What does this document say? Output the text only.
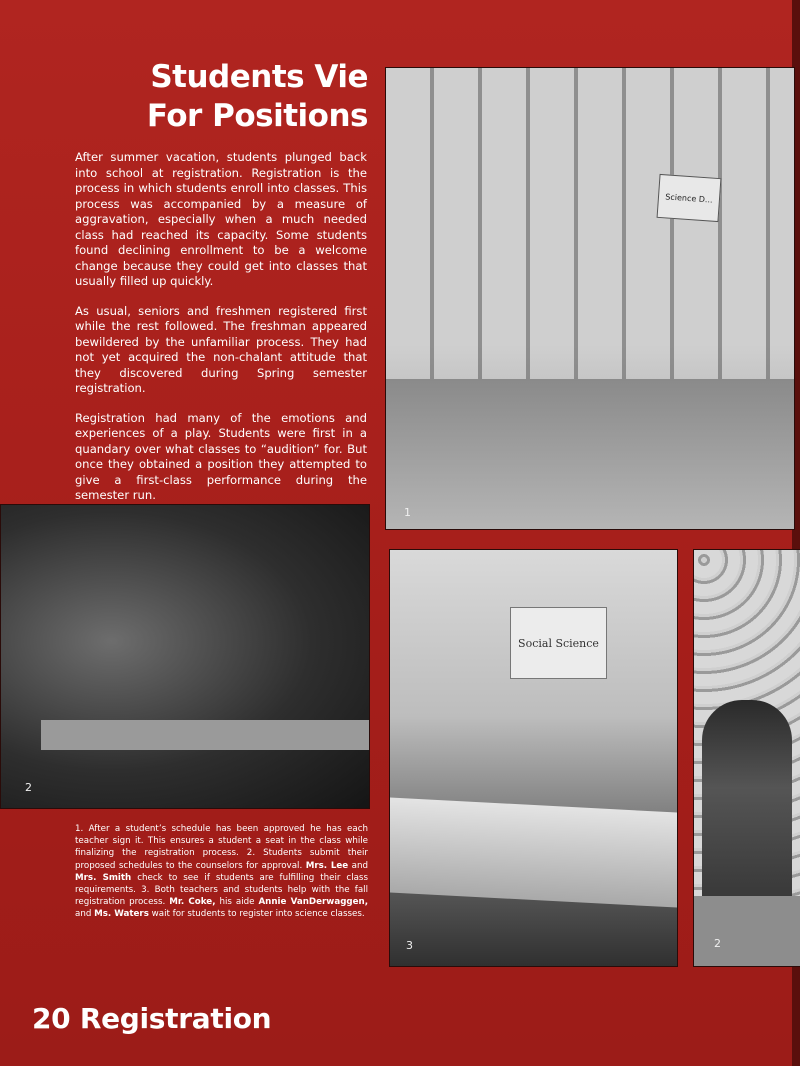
Students Vie
For Positions

After summer vacation, students plunged back into school at registration. Registration is the process in which students enroll into classes. This process was accompanied by a measure of aggravation, especially when a much needed class had reached its capacity. Some students found declining enrollment to be a welcome change because they could get into classes that usually filled up quickly.

As usual, seniors and freshmen registered first while the rest followed. The freshman appeared bewildered by the unfamiliar process. They had not yet acquired the non-chalant attitude that they discovered during Spring semester registration.

Registration had many of the emotions and experiences of a play. Students were first in a quandary over what classes to “audition” for. But once they obtained a position they attempted to give a first-class performance during the semester run.

Science D...
1
2
Social Science
3	2
1. After a student’s schedule has been approved he has each teacher sign it. This ensures a student a seat in the class while finalizing the registration process. 2. Students submit their proposed schedules to the counselors for approval. Mrs. Lee and Mrs. Smith check to see if students are fulfilling their class requirements. 3. Both teachers and students help with the fall registration process. Mr. Coke, his aide Annie VanDerwaggen, and Ms. Waters wait for students to register into science classes.
20 Registration
